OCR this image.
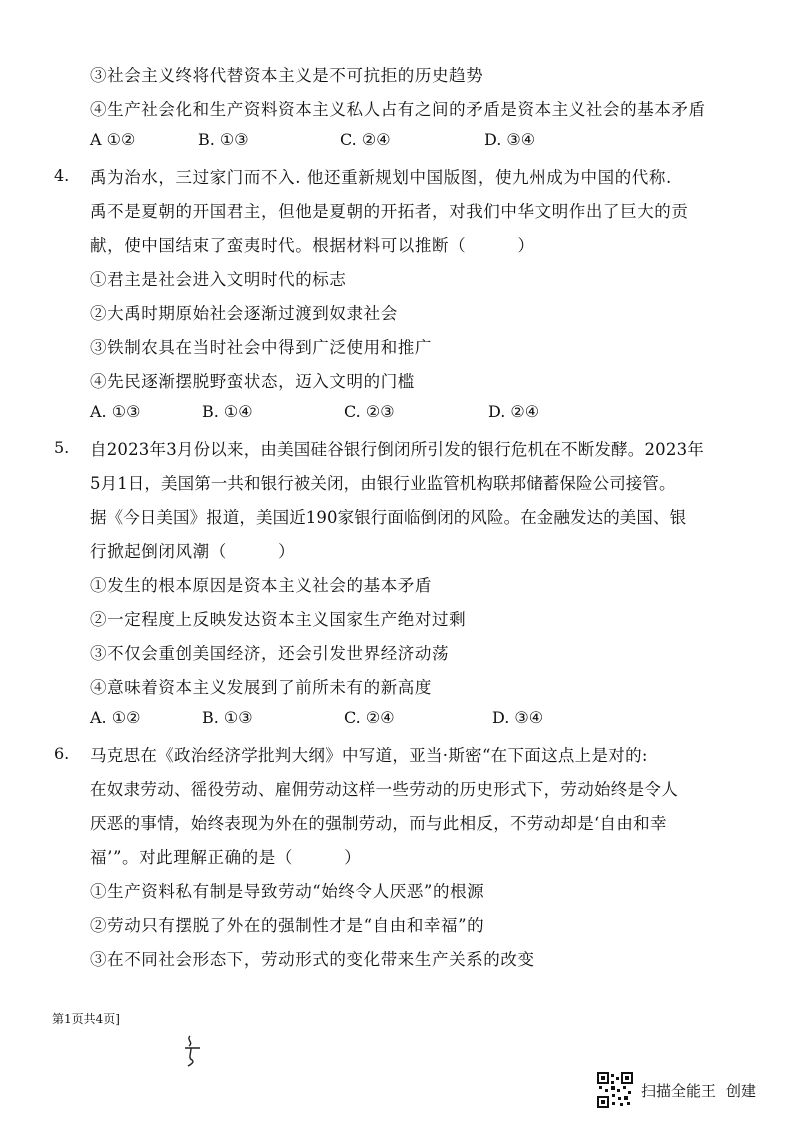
③社会主义终将代替资本主义是不可抗拒的历史趋势
④生产社会化和生产资料资本主义私人占有之间的矛盾是资本主义社会的基本矛盾
A ①②	B. ①③	C. ②④	D. ③④
4. 禹为治水，三过家门而不入. 他还重新规划中国版图，使九州成为中国的代称.
禹不是夏朝的开国君主，但他是夏朝的开拓者，对我们中华文明作出了巨大的贡
献，使中国结束了蛮夷时代。根据材料可以推断（　　　）
①君主是社会进入文明时代的标志
②大禹时期原始社会逐渐过渡到奴隶社会
③铁制农具在当时社会中得到广泛使用和推广
④先民逐渐摆脱野蛮状态，迈入文明的门槛
A. ①③	B. ①④	C. ②③	D. ②④
5. 自2023年3月份以来，由美国硅谷银行倒闭所引发的银行危机在不断发酵。2023年
5月1日，美国第一共和银行被关闭，由银行业监管机构联邦储蓄保险公司接管。
据《今日美国》报道，美国近190家银行面临倒闭的风险。在金融发达的美国、银
行掀起倒闭风潮（　　　）
①发生的根本原因是资本主义社会的基本矛盾
②一定程度上反映发达资本主义国家生产绝对过剩
③不仅会重创美国经济，还会引发世界经济动荡
④意味着资本主义发展到了前所未有的新高度
A. ①②	B. ①③	C. ②④	D. ③④
6. 马克思在《政治经济学批判大纲》中写道，亚当·斯密“在下面这点上是对的:
在奴隶劳动、徭役劳动、雇佣劳动这样一些劳动的历史形式下，劳动始终是令人
厌恶的事情，始终表现为外在的强制劳动，而与此相反，不劳动却是‘自由和幸
福’”。对此理解正确的是（　　　）
①生产资料私有制是导致劳动“始终令人厌恶”的根源
②劳动只有摆脱了外在的强制性才是“自由和幸福”的
③在不同社会形态下，劳动形式的变化带来生产关系的改变
第1页共4页]
扫描全能王 创建
